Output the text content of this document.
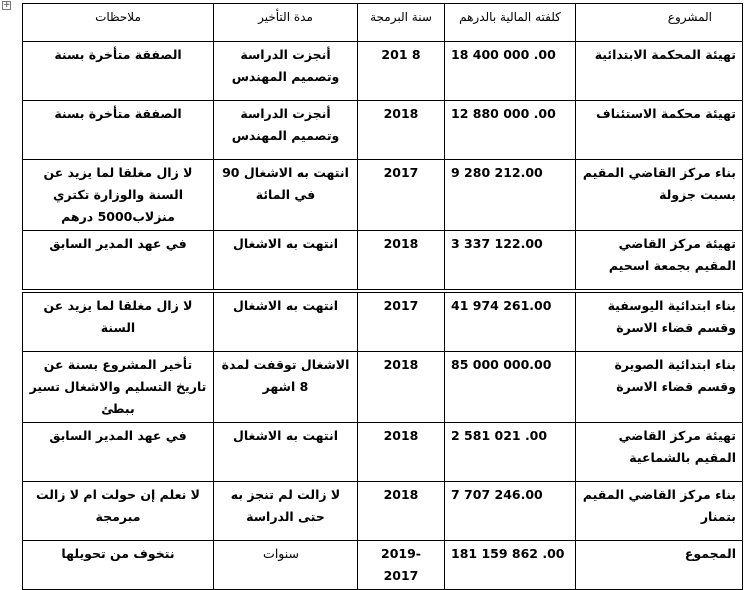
+
المشروع	كلفته المالية بالدرهم	سنة البرمجة	مدة التأخير	ملاحظات
تهيئة المحكمة الابتدائية	18 400 000 .00	201 8	أنجزت الدراسة وتصميم المهندس	الصفقة متأخرة بسنة
تهيئة محكمة الاستئناف	12 880 000 .00	2018	أنجزت الدراسة وتصميم المهندس	الصفقة متأخرة بسنة
بناء مركز القاضي المقيم بسبت جزولة	9 280 212.00	2017	انتهت به الاشغال 90 في المائة	لا زال مغلقا لما يزيد عن السنة والوزارة تكتري منزلاب5000 درهم
تهيئة مركز القاضي المقيم بجمعة اسحيم	3 337 122.00	2018	انتهت به الاشغال	في عهد المدير السابق

بناء ابتدائية اليوسفية وقسم قضاء الاسرة	41 974 261.00	2017	انتهت به الاشغال	لا زال مغلقا لما يزيد عن السنة
بناء ابتدائية الصويرة وقسم قضاء الاسرة	85 000 000.00	2018	الاشغال توقفت لمدة 8 اشهر	تأخير المشروع بسنة عن تاريخ التسليم والاشغال تسير ببطئ
تهيئة مركز القاضي المقيم بالشماعية	2 581 021 .00	2018	انتهت به الاشغال	في عهد المدير السابق
بناء مركز القاضي المقيم بتمنار	7 707 246.00	2018	لا زالت لم تنجز به حتى الدراسة	لا نعلم إن حولت ام لا زالت مبرمجة
المجموع	181 159 862 .00	2019-2017	سنوات	نتخوف من تحويلها
